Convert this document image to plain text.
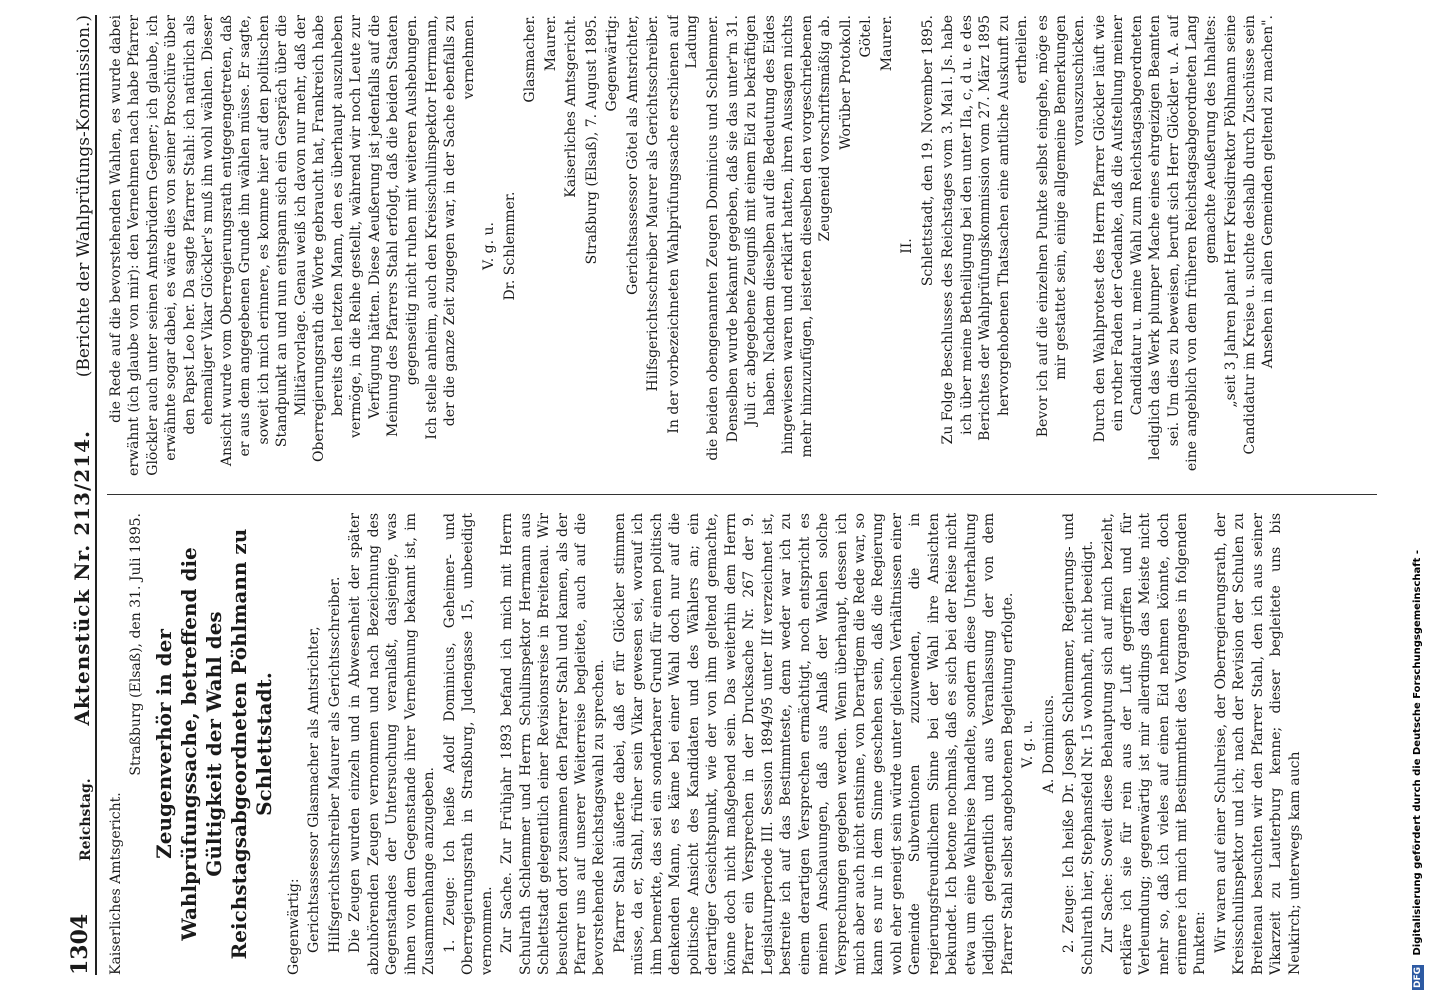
1304
Reichstag.
Aktenstück Nr. 213/214.
(Berichte der Wahlprüfungs-Kommission.)

Kaiserliches Amtsgericht.

Straßburg (Elsaß), den 31. Juli 1895. Zeugenverhör in der Wahlprüfungssache, betreffend die Gültigkeit der Wahl des Reichstagsabgeordneten Pöhlmann zu Schlettstadt.

Gegenwärtig: Gerichtsassessor Glasmacher als Amtsrichter, Hilfsgerichtsschreiber Maurer als Gerichtsschreiber. Die Zeugen wurden einzeln und in Abwesenheit der später abzuhörenden Zeugen vernommen und nach Bezeichnung des Gegenstandes der Untersuchung veranlaßt, dasjenige, was ihnen von dem Gegenstande ihrer Vernehmung bekannt ist, im Zusammenhange anzugeben. 1. Zeuge: Ich heiße Adolf Dominicus, Geheimer- und Oberregierungsrath in Straßburg, Judengasse 15, unbeeidigt vernommen. Zur Sache. Zur Frühjahr 1893 befand ich mich mit Herrn Schulrath Schlemmer und Herrn Schulinspektor Hermann aus Schlettstadt gelegentlich einer Revisionsreise in Breitenau. Wir besuchten dort zusammen den Pfarrer Stahl und kamen, als der Pfarrer uns auf unserer Weiterreise begleitete, auch auf die bevorstehende Reichstagswahl zu sprechen. Pfarrer Stahl äußerte dabei, daß er für Glöckler stimmen müsse, da er, Stahl, früher sein Vikar gewesen sei, worauf ich ihm bemerkte, das sei ein sonderbarer Grund für einen politisch denkenden Mann, es käme bei einer Wahl doch nur auf die politische Ansicht des Kandidaten und des Wählers an; ein derartiger Gesichtspunkt, wie der von ihm geltend gemachte, könne doch nicht maßgebend sein. Das weiterhin dem Herrn Pfarrer ein Versprechen in der Drucksache Nr. 267 der 9. Legislaturperiode III. Session 1894/95 unter IIf verzeichnet ist, bestreite ich auf das Bestimmteste, denn weder war ich zu einem derartigen Versprechen ermächtigt, noch entspricht es meinen Anschauungen, daß aus Anlaß der Wahlen solche Versprechungen gegeben werden. Wenn überhaupt, dessen ich mich aber auch nicht entsinne, von Derartigem die Rede war, so kann es nur in dem Sinne geschehen sein, daß die Regierung wohl eher geneigt sein würde unter gleichen Verhältnissen einer Gemeinde Subventionen zuzuwenden, die in regierungsfreundlichem Sinne bei der Wahl ihre Ansichten bekundet. Ich betone nochmals, daß es sich bei der Reise nicht etwa um eine Wahlreise handelte, sondern diese Unterhaltung lediglich gelegentlich und aus Veranlassung der von dem Pfarrer Stahl selbst angebotenen Begleitung erfolgte. V. g. u. A. Dominicus. 2. Zeuge: Ich heiße Dr. Joseph Schlemmer, Regierungs- und Schulrath hier, Stephansfeld Nr. 15 wohnhaft, nicht beeidigt. Zur Sache: Soweit diese Behauptung sich auf mich bezieht, erkläre ich sie für rein aus der Luft gegriffen und für Verleumdung; gegenwärtig ist mir allerdings das Meiste nicht mehr so, daß ich vieles auf einen Eid nehmen könnte, doch erinnere ich mich mit Bestimmtheit des Vorganges in folgenden Punkten: Wir waren auf einer Schulreise, der Oberregierungsrath, der Kreisschulinspektor und ich; nach der Revision der Schulen zu Breitenau besuchten wir den Pfarrer Stahl, den ich aus seiner Vikarzeit zu Lauterburg kenne; dieser begleitete uns bis Neukirch; unterwegs kam auch

die Rede auf die bevorstehenden Wahlen, es wurde dabei erwähnt (ich glaube von mir): den Vernehmen nach habe Pfarrer Glöckler auch unter seinen Amtsbrüdern Gegner; ich glaube, ich erwähnte sogar dabei, es wäre dies von seiner Broschüre über den Papst Leo her. Da sagte Pfarrer Stahl: ich natürlich als ehemaliger Vikar Glöckler's muß ihn wohl wählen. Dieser Ansicht wurde vom Oberregierungsrath entgegengetreten, daß er aus dem angegebenen Grunde ihn wählen müsse. Er sagte, soweit ich mich erinnere, es komme hier auf den politischen Standpunkt an und nun entspann sich ein Gespräch über die Militärvorlage. Genau weiß ich davon nur mehr, daß der Oberregierungsrath die Worte gebraucht hat, Frankreich habe bereits den letzten Mann, den es überhaupt auszuheben vermöge, in die Reihe gestellt, während wir noch Leute zur Verfügung hätten. Diese Aeußerung ist jedenfalls auf die Meinung des Pfarrers Stahl erfolgt, daß die beiden Staaten gegenseitig nicht ruhen mit weiteren Aushebungen. Ich stelle anheim, auch den Kreisschulinspektor Herrmann, der die ganze Zeit zugegen war, in der Sache ebenfalls zu vernehmen.

V. g. u. Dr. Schlemmer.

Glasmacher. Maurer. Kaiserliches Amtsgericht. Straßburg (Elsaß), 7. August 1895. Gegenwärtig: Gerichtsassessor Götel als Amtsrichter, Hilfsgerichtsschreiber Maurer als Gerichtsschreiber. In der vorbezeichneten Wahlprüfungssache erschienen auf Ladung die beiden obengenannten Zeugen Dominicus und Schlemmer. Denselben wurde bekannt gegeben, daß sie das unter'm 31. Juli cr. abgegebene Zeugniß mit einem Eid zu bekräftigen haben. Nachdem dieselben auf die Bedeutung des Eides hingewiesen waren und erklärt hatten, ihren Aussagen nichts mehr hinzuzufügen, leisteten dieselben den vorgeschriebenen Zeugeneid vorschriftsmäßig ab. Worüber Protokoll. Götel. Maurer.

II. Schlettstadt, den 19. November 1895. Zu Folge Beschlusses des Reichstages vom 3. Mai l. Js. habe ich über meine Betheiligung bei den unter IIa, c, d u. e des Berichtes der Wahlprüfungskommission vom 27. März 1895 hervorgehobenen Thatsachen eine amtliche Auskunft zu ertheilen. Bevor ich auf die einzelnen Punkte selbst eingehe, möge es mir gestattet sein, einige allgemeine Bemerkungen vorauszuschicken. Durch den Wahlprotest des Herrn Pfarrer Glöckler läuft wie ein rother Faden der Gedanke, daß die Aufstellung meiner Candidatur u. meine Wahl zum Reichstagsabgeordneten lediglich das Werk plumper Mache eines ehrgeizigen Beamten sei. Um dies zu beweisen, beruft sich Herr Glöckler u. A. auf eine angeblich von dem früheren Reichstagsabgeordneten Lang gemachte Aeußerung des Inhaltes: „seit 3 Jahren plant Herr Kreisdirektor Pöhlmann seine Candidatur im Kreise u. suchte deshalb durch Zuschüsse sein Ansehen in allen Gemeinden geltend zu machen".

DFG Digitalisierung gefördert durch die Deutsche Forschungsgemeinschaft -
